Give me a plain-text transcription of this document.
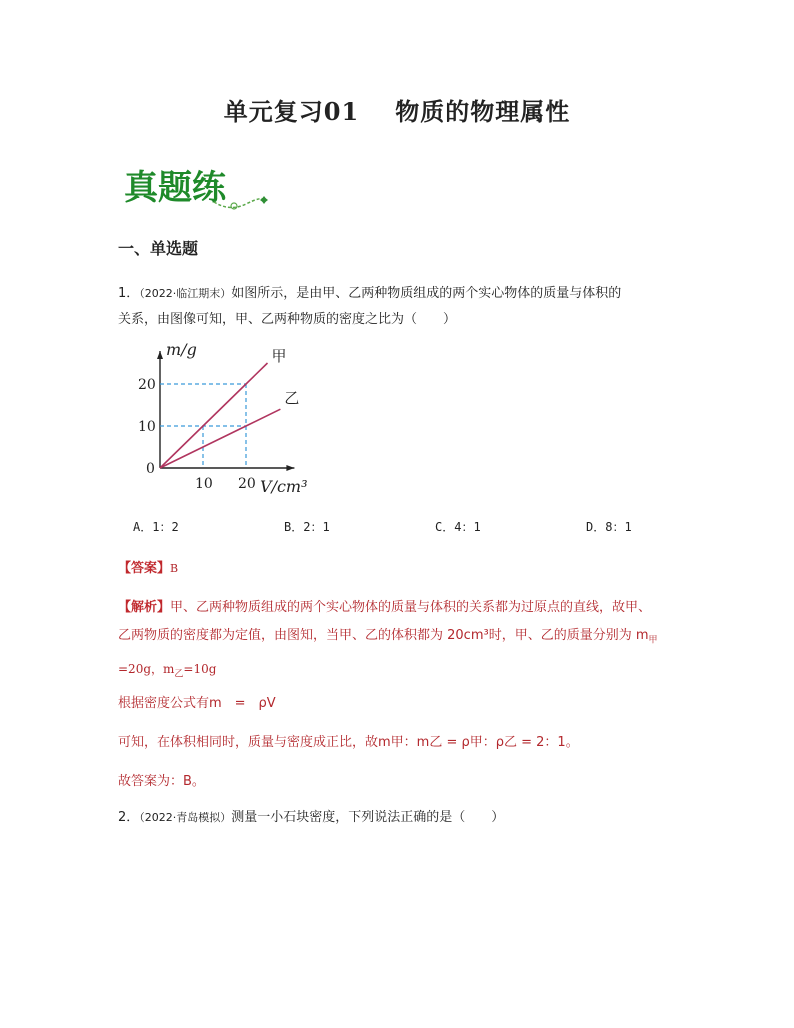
单元复习01 物质的物理属性
真题练
一、单选题
1．（2022·临江期末）如图所示，是由甲、乙两种物质组成的两个实心物体的质量与体积的
关系，由图像可知，甲、乙两种物质的密度之比为（　　）
甲
乙
0
10 20
10
20
m/g
V/cm³
A．1：2	B．2：1	C．4：1	D．8：1
【答案】B
【解析】甲、乙两种物质组成的两个实心物体的质量与体积的关系都为过原点的直线，故甲、
乙两物质的密度都为定值，由图知，当甲、乙的体积都为 20cm³时，甲、乙的质量分别为 $m_甲$
=20g，$m_乙=10g$
根据密度公式有m　=　ρV
可知，在体积相同时，质量与密度成正比，故m甲：m乙 = ρ甲：ρ乙 = 2：1。
故答案为：B。
2．（2022·青岛模拟）测量一小石块密度，下列说法正确的是（　　）
